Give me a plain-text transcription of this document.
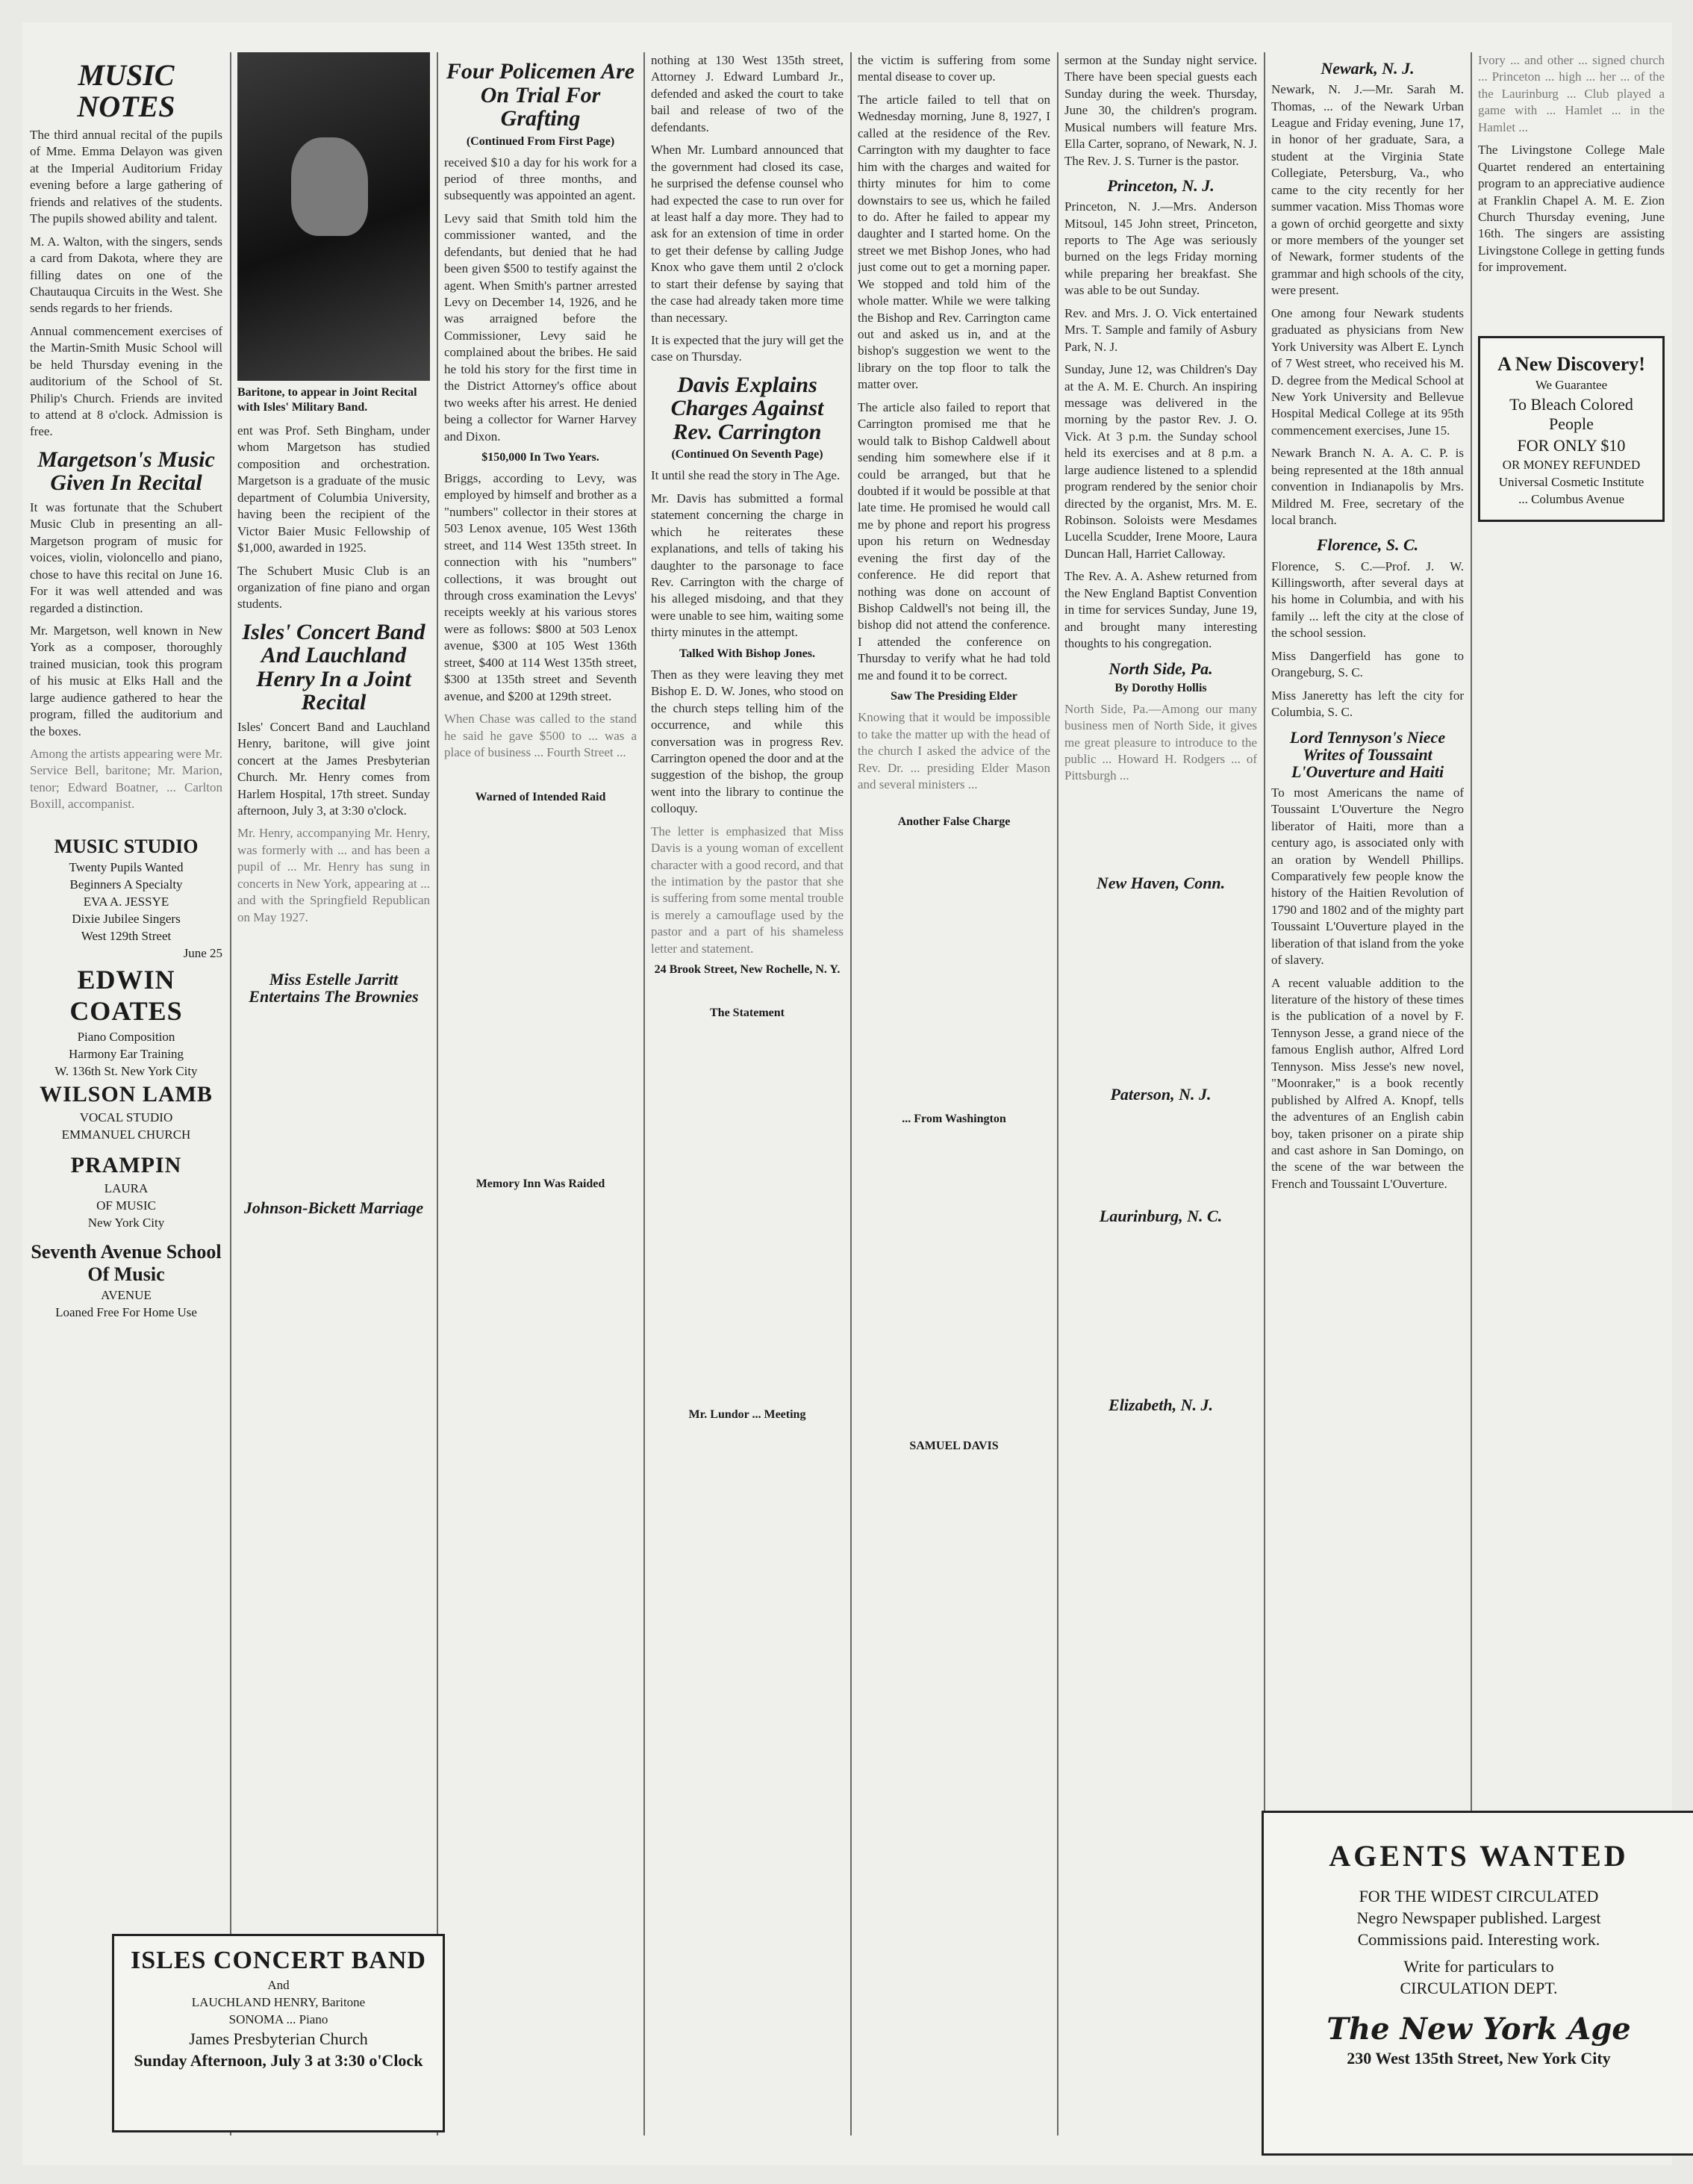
MUSIC NOTES

The third annual recital of the pupils of Mme. Emma Delayon was given at the Imperial Auditorium Friday evening before a large gathering of friends and relatives of the students. The pupils showed ability and talent.

M. A. Walton, with the singers, sends a card from Dakota, where they are filling dates on one of the Chautauqua Circuits in the West. She sends regards to her friends.

Annual commencement exercises of the Martin-Smith Music School will be held Thursday evening in the auditorium of the School of St. Philip's Church. Friends are invited to attend at 8 o'clock. Admission is free.

Margetson's Music Given In Recital

It was fortunate that the Schubert Music Club in presenting an all-Margetson program of music for voices, violin, violoncello and piano, chose to have this recital on June 16. For it was well attended and was regarded a distinction.

Mr. Margetson, well known in New York as a composer, thoroughly trained musician, took this program of his music at Elks Hall and the large audience gathered to hear the program, filled the auditorium and the boxes.

Among the artists appearing were Mr. Service Bell, baritone; Mr. Marion, tenor; Edward Boatner, ... Carlton Boxill, accompanist.

MUSIC STUDIO
Twenty Pupils Wanted
Beginners A Specialty
EVA A. JESSYE
Dixie Jubilee Singers
West 129th Street
June 25
EDWIN COATES
Piano Composition
Harmony Ear Training
W. 136th St. New York City
WILSON LAMB
VOCAL STUDIO
EMMANUEL CHURCH
PRAMPIN
LAURA
OF MUSIC
New York City
Seventh Avenue School Of Music
AVENUE
Loaned Free For Home Use
Baritone, to appear in Joint Recital with Isles' Military Band.

ent was Prof. Seth Bingham, under whom Margetson has studied composition and orchestration. Margetson is a graduate of the music department of Columbia University, having been the recipient of the Victor Baier Music Fellowship of $1,000, awarded in 1925.

The Schubert Music Club is an organization of fine piano and organ students.

Isles' Concert Band And Lauchland Henry In a Joint Recital

Isles' Concert Band and Lauchland Henry, baritone, will give joint concert at the James Presbyterian Church. Mr. Henry comes from Harlem Hospital, 17th street. Sunday afternoon, July 3, at 3:30 o'clock.

Mr. Henry, accompanying Mr. Henry, was formerly with ... and has been a pupil of ... Mr. Henry has sung in concerts in New York, appearing at ... and with the Springfield Republican on May 1927.

Miss Estelle Jarritt Entertains The Brownies
Johnson-Bickett Marriage
ISLES CONCERT BAND
And
LAUCHLAND HENRY, Baritone
SONOMA ... Piano
James Presbyterian Church
Sunday Afternoon, July 3 at 3:30 o'Clock
Four Policemen Are On Trial For Grafting
(Continued From First Page)

received $10 a day for his work for a period of three months, and subsequently was appointed an agent.

Levy said that Smith told him the commissioner wanted, and the defendants, but denied that he had been given $500 to testify against the agent. When Smith's partner arrested Levy on December 14, 1926, and he was arraigned before the Commissioner, Levy said he complained about the bribes. He said he told his story for the first time in the District Attorney's office about two weeks after his arrest. He denied being a collector for Warner Harvey and Dixon.

$150,000 In Two Years.

Briggs, according to Levy, was employed by himself and brother as a "numbers" collector in their stores at 503 Lenox avenue, 105 West 136th street, and 114 West 135th street. In connection with his "numbers" collections, it was brought out through cross examination the Levys' receipts weekly at his various stores were as follows: $800 at 503 Lenox avenue, $300 at 105 West 136th street, $400 at 114 West 135th street, $300 at 135th street and Seventh avenue, and $200 at 129th street.

When Chase was called to the stand he said he gave $500 to ... was a place of business ... Fourth Street ...

Warned of Intended Raid
Memory Inn Was Raided

nothing at 130 West 135th street, Attorney J. Edward Lumbard Jr., defended and asked the court to take bail and release of two of the defendants.

When Mr. Lumbard announced that the government had closed its case, he surprised the defense counsel who had expected the case to run over for at least half a day more. They had to ask for an extension of time in order to get their defense by calling Judge Knox who gave them until 2 o'clock to start their defense by saying that the case had already taken more time than necessary.

It is expected that the jury will get the case on Thursday.

Davis Explains Charges Against Rev. Carrington
(Continued On Seventh Page)

It until she read the story in The Age.

Mr. Davis has submitted a formal statement concerning the charge in which he reiterates these explanations, and tells of taking his daughter to the parsonage to face Rev. Carrington with the charge of his alleged misdoing, and that they were unable to see him, waiting some thirty minutes in the attempt.

Talked With Bishop Jones.

Then as they were leaving they met Bishop E. D. W. Jones, who stood on the church steps telling him of the occurrence, and while this conversation was in progress Rev. Carrington opened the door and at the suggestion of the bishop, the group went into the library to continue the colloquy.

The letter is emphasized that Miss Davis is a young woman of excellent character with a good record, and that the intimation by the pastor that she is suffering from some mental trouble is merely a camouflage used by the pastor and a part of his shameless letter and statement.

24 Brook Street, New Rochelle, N. Y.
The Statement
Mr. Lundor ... Meeting

the victim is suffering from some mental disease to cover up.

The article failed to tell that on Wednesday morning, June 8, 1927, I called at the residence of the Rev. Carrington with my daughter to face him with the charges and waited for thirty minutes for him to come downstairs to see us, which he failed to do. After he failed to appear my daughter and I started home. On the street we met Bishop Jones, who had just come out to get a morning paper. We stopped and told him of the whole matter. While we were talking the Bishop and Rev. Carrington came out and asked us in, and at the bishop's suggestion we went to the library on the top floor to talk the matter over.

The article also failed to report that Carrington promised me that he would talk to Bishop Caldwell about sending him somewhere else if it could be arranged, but that he doubted if it would be possible at that late time. He promised he would call me by phone and report his progress upon his return on Wednesday evening the first day of the conference. He did report that nothing was done on account of Bishop Caldwell's not being ill, the bishop did not attend the conference. I attended the conference on Thursday to verify what he had told me and found it to be correct.

Saw The Presiding Elder

Knowing that it would be impossible to take the matter up with the head of the church I asked the advice of the Rev. Dr. ... presiding Elder Mason and several ministers ...

Another False Charge
... From Washington
SAMUEL DAVIS

sermon at the Sunday night service. There have been special guests each Sunday during the week. Thursday, June 30, the children's program. Musical numbers will feature Mrs. Ella Carter, soprano, of Newark, N. J. The Rev. J. S. Turner is the pastor.

Princeton, N. J.

Princeton, N. J.—Mrs. Anderson Mitsoul, 145 John street, Princeton, reports to The Age was seriously burned on the legs Friday morning while preparing her breakfast. She was able to be out Sunday.

Rev. and Mrs. J. O. Vick entertained Mrs. T. Sample and family of Asbury Park, N. J.

Sunday, June 12, was Children's Day at the A. M. E. Church. An inspiring message was delivered in the morning by the pastor Rev. J. O. Vick. At 3 p.m. the Sunday school held its exercises and at 8 p.m. a large audience listened to a splendid program rendered by the senior choir directed by the organist, Mrs. M. E. Robinson. Soloists were Mesdames Lucella Scudder, Irene Moore, Laura Duncan Hall, Harriet Calloway.

The Rev. A. A. Ashew returned from the New England Baptist Convention in time for services Sunday, June 19, and brought many interesting thoughts to his congregation.

North Side, Pa.
By Dorothy Hollis

North Side, Pa.—Among our many business men of North Side, it gives me great pleasure to introduce to the public ... Howard H. Rodgers ... of Pittsburgh ...

New Haven, Conn.
Paterson, N. J.
Laurinburg, N. C.
Elizabeth, N. J.
Newark, N. J.

Newark, N. J.—Mr. Sarah M. Thomas, ... of the Newark Urban League and Friday evening, June 17, in honor of her graduate, Sara, a student at the Virginia State Collegiate, Petersburg, Va., who came to the city recently for her summer vacation. Miss Thomas wore a gown of orchid georgette and sixty or more members of the younger set of Newark, former students of the grammar and high schools of the city, were present.

One among four Newark students graduated as physicians from New York University was Albert E. Lynch of 7 West street, who received his M. D. degree from the Medical School at New York University and Bellevue Hospital Medical College at its 95th commencement exercises, June 15.

Newark Branch N. A. A. C. P. is being represented at the 18th annual convention in Indianapolis by Mrs. Mildred M. Free, secretary of the local branch.

Florence, S. C.

Florence, S. C.—Prof. J. W. Killingsworth, after several days at his home in Columbia, and with his family ... left the city at the close of the school session.

Miss Dangerfield has gone to Orangeburg, S. C.

Miss Janeretty has left the city for Columbia, S. C.

Lord Tennyson's Niece Writes of Toussaint L'Ouverture and Haiti

To most Americans the name of Toussaint L'Ouverture the Negro liberator of Haiti, more than a century ago, is associated only with an oration by Wendell Phillips. Comparatively few people know the history of the Haitien Revolution of 1790 and 1802 and of the mighty part Toussaint L'Ouverture played in the liberation of that island from the yoke of slavery.

A recent valuable addition to the literature of the history of these times is the publication of a novel by F. Tennyson Jesse, a grand niece of the famous English author, Alfred Lord Tennyson. Miss Jesse's new novel, "Moonraker," is a book recently published by Alfred A. Knopf, tells the adventures of an English cabin boy, taken prisoner on a pirate ship and cast ashore in San Domingo, on the scene of the war between the French and Toussaint L'Ouverture.

Ivory ... and other ... signed church ... Princeton ... high ... her ... of the the Laurinburg ... Club played a game with ... Hamlet ... in the Hamlet ...

The Livingstone College Male Quartet rendered an entertaining program to an appreciative audience at Franklin Chapel A. M. E. Zion Church Thursday evening, June 16th. The singers are assisting Livingstone College in getting funds for improvement.

A New Discovery!
We Guarantee
To Bleach Colored People
FOR ONLY $10
OR MONEY REFUNDED
Universal Cosmetic Institute
... Columbus Avenue
AGENTS WANTED
FOR THE WIDEST CIRCULATED
Negro Newspaper published. Largest
Commissions paid. Interesting work.
Write for particulars to
CIRCULATION DEPT.
The New York Age
230 West 135th Street, New York City
